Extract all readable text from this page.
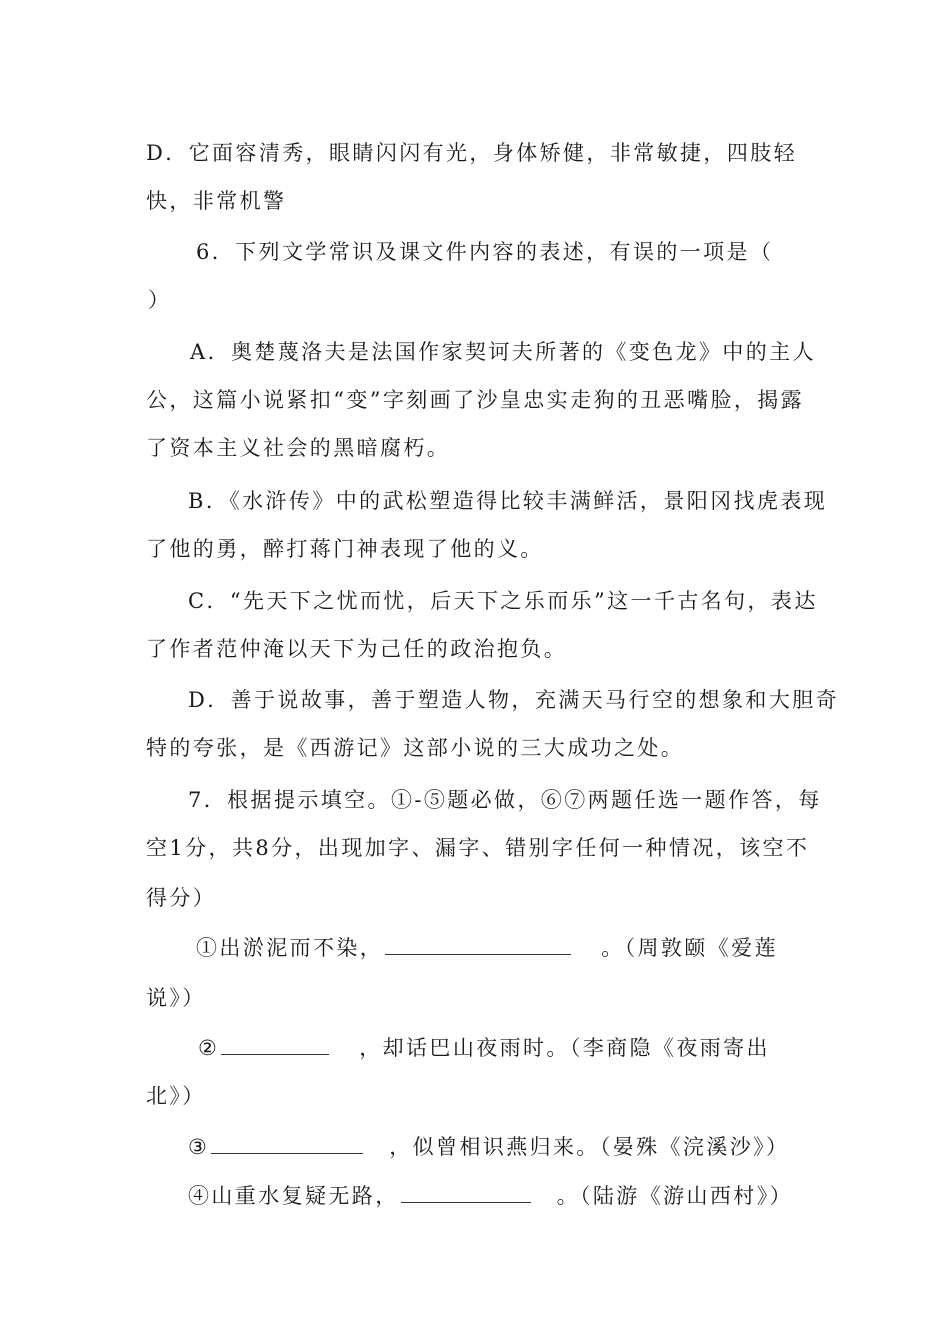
D．它面容清秀，眼睛闪闪有光，身体矫健，非常敏捷，四肢轻
快，非常机警
6．下列文学常识及课文件内容的表述，有误的一项是（
）
A．奥楚蔑洛夫是法国作家契诃夫所著的《变色龙》中的主人
公，这篇小说紧扣“变”字刻画了沙皇忠实走狗的丑恶嘴脸，揭露
了资本主义社会的黑暗腐朽。
B．《水浒传》中的武松塑造得比较丰满鲜活，景阳冈找虎表现
了他的勇，醉打蒋门神表现了他的义。
C．“先天下之忧而忧，后天下之乐而乐”这一千古名句，表达
了作者范仲淹以天下为己任的政治抱负。
D．善于说故事，善于塑造人物，充满天马行空的想象和大胆奇
特的夸张，是《西游记》这部小说的三大成功之处。
7．根据提示填空。①-⑤题必做，⑥⑦两题任选一题作答，每
空1分，共8分，出现加字、漏字、错别字任何一种情况，该空不
得分）
①出淤泥而不染，	。（周敦颐《爱莲
说》）
②	，却话巴山夜雨时。（李商隐《夜雨寄出
北》）
③	，似曾相识燕归来。（晏殊《浣溪沙》）
④山重水复疑无路，	。（陆游《游山西村》）
